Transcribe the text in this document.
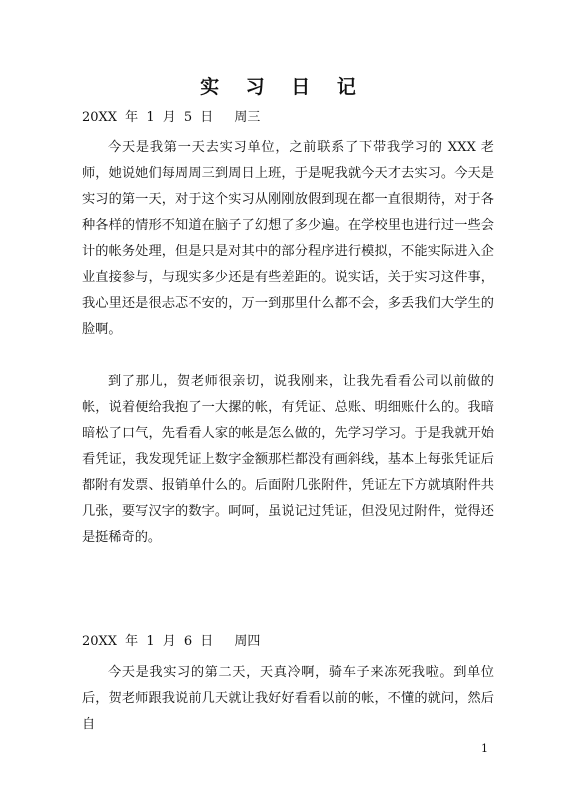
实 习 日 记
20XX 年 1 月 5 日　 周三

今天是我第一天去实习单位，之前联系了下带我学习的 XXX 老师，她说她们每周周三到周日上班，于是呢我就今天才去实习。今天是实习的第一天，对于这个实习从刚刚放假到现在都一直很期待，对于各种各样的情形不知道在脑子了幻想了多少遍。在学校里也进行过一些会计的帐务处理，但是只是对其中的部分程序进行模拟，不能实际进入企业直接参与，与现实多少还是有些差距的。说实话，关于实习这件事，我心里还是很忐忑不安的，万一到那里什么都不会，多丢我们大学生的脸啊。

到了那儿，贺老师很亲切，说我刚来，让我先看看公司以前做的帐，说着便给我抱了一大摞的帐，有凭证、总账、明细账什么的。我暗暗松了口气，先看看人家的帐是怎么做的，先学习学习。于是我就开始看凭证，我发现凭证上数字金额那栏都没有画斜线，基本上每张凭证后都附有发票、报销单什么的。后面附几张附件，凭证左下方就填附件共几张，要写汉字的数字。呵呵，虽说记过凭证，但没见过附件，觉得还是挺稀奇的。

20XX 年 1 月 6 日　 周四

今天是我实习的第二天，天真冷啊，骑车子来冻死我啦。到单位后，贺老师跟我说前几天就让我好好看看以前的帐，不懂的就问，然后自

1
